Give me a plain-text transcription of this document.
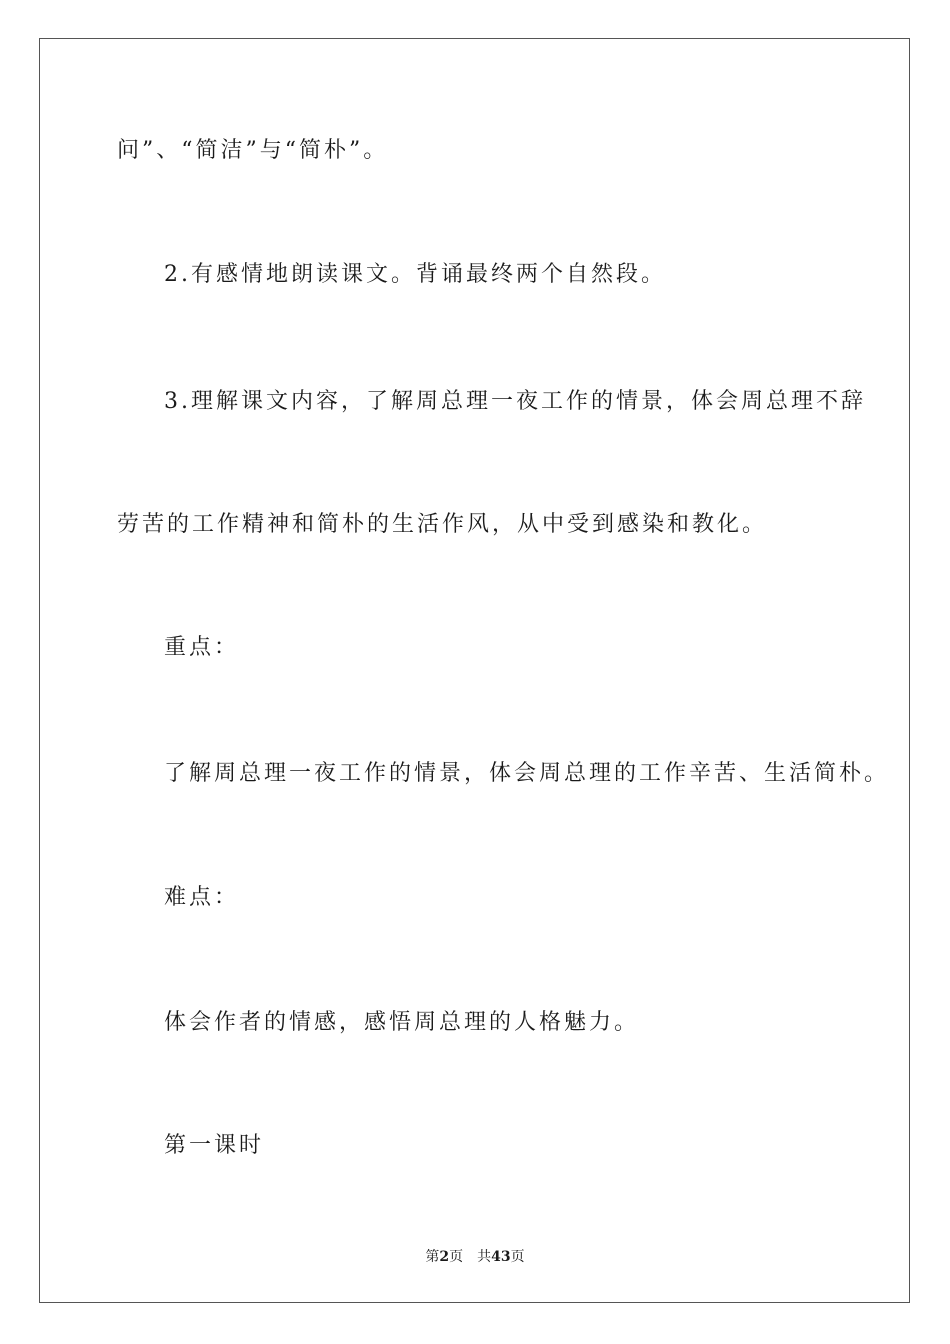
问”、“简洁”与“简朴”。

2.有感情地朗读课文。背诵最终两个自然段。

3.理解课文内容，了解周总理一夜工作的情景，体会周总理不辞

劳苦的工作精神和简朴的生活作风，从中受到感染和教化。

重点：

了解周总理一夜工作的情景，体会周总理的工作辛苦、生活简朴。

难点：

体会作者的情感，感悟周总理的人格魅力。

第一课时

第2页 共43页
